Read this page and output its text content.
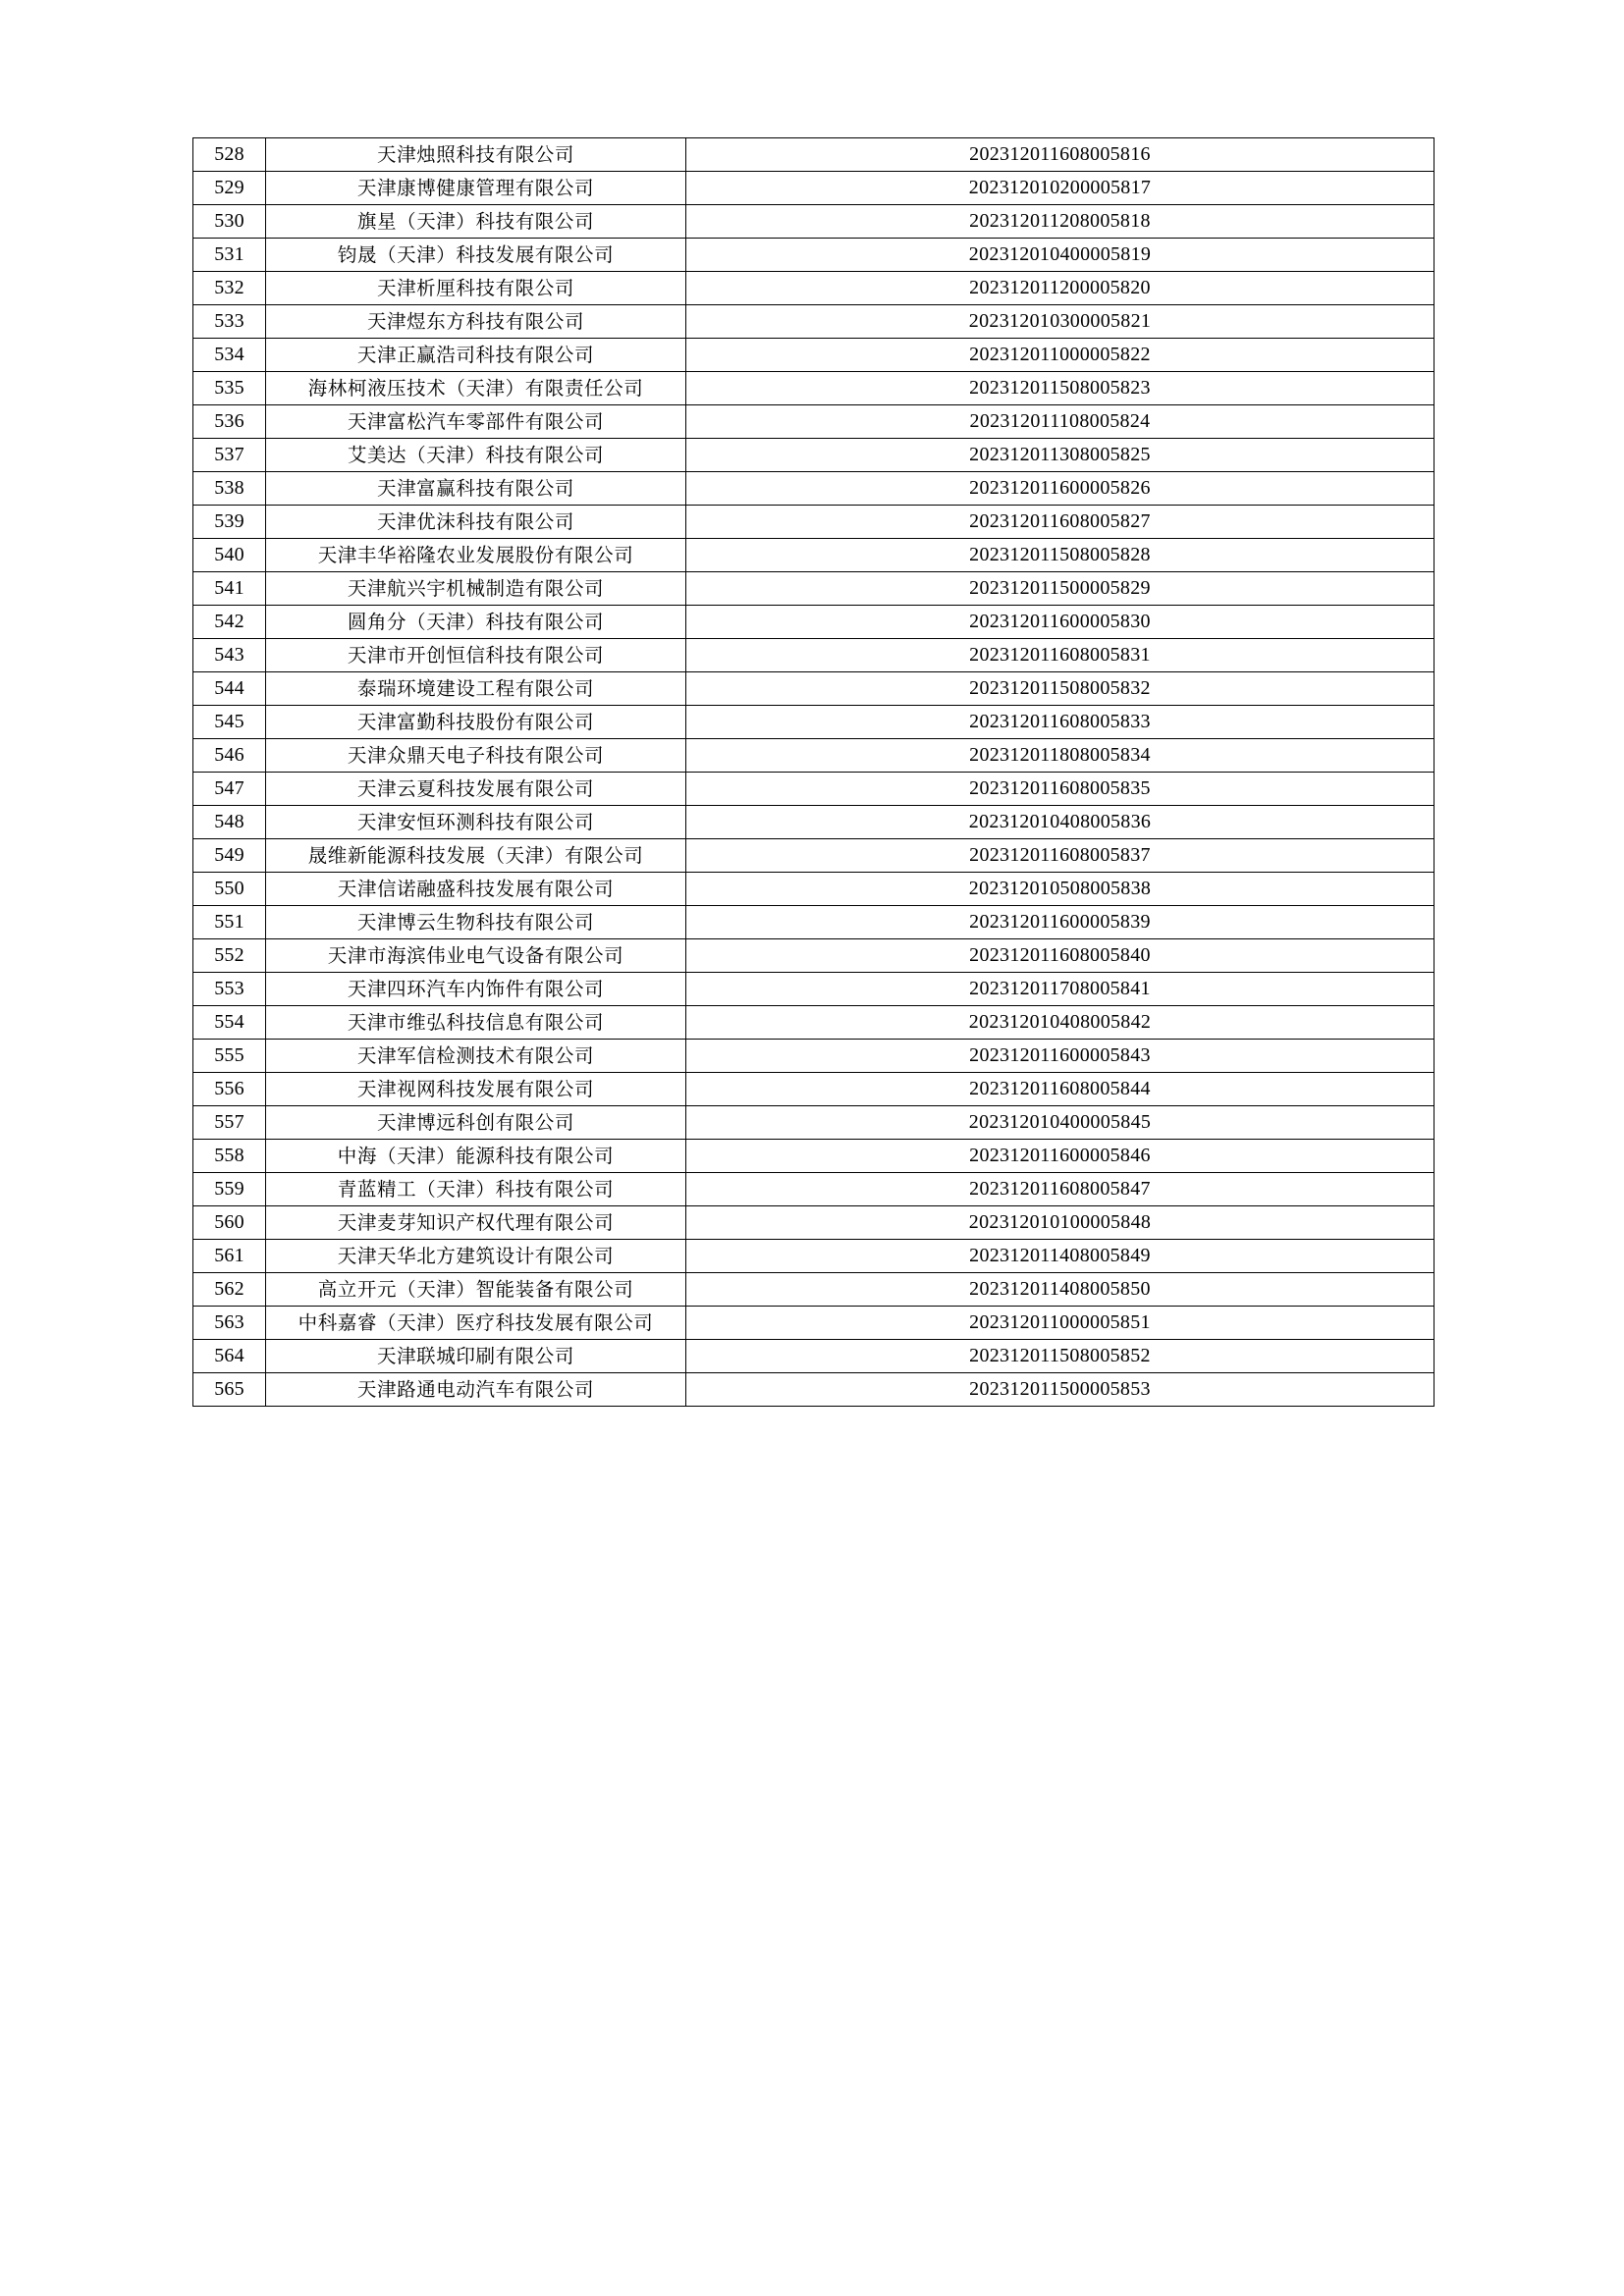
528	天津烛照科技有限公司	202312011608005816
529	天津康博健康管理有限公司	202312010200005817
530	旗星（天津）科技有限公司	202312011208005818
531	钧晟（天津）科技发展有限公司	202312010400005819
532	天津析厘科技有限公司	202312011200005820
533	天津煜东方科技有限公司	202312010300005821
534	天津正赢浩司科技有限公司	202312011000005822
535	海林柯液压技术（天津）有限责任公司	202312011508005823
536	天津富松汽车零部件有限公司	202312011108005824
537	艾美达（天津）科技有限公司	202312011308005825
538	天津富赢科技有限公司	202312011600005826
539	天津优沫科技有限公司	202312011608005827
540	天津丰华裕隆农业发展股份有限公司	202312011508005828
541	天津航兴宇机械制造有限公司	202312011500005829
542	圆角分（天津）科技有限公司	202312011600005830
543	天津市开创恒信科技有限公司	202312011608005831
544	泰瑞环境建设工程有限公司	202312011508005832
545	天津富勤科技股份有限公司	202312011608005833
546	天津众鼎天电子科技有限公司	202312011808005834
547	天津云夏科技发展有限公司	202312011608005835
548	天津安恒环测科技有限公司	202312010408005836
549	晟维新能源科技发展（天津）有限公司	202312011608005837
550	天津信诺融盛科技发展有限公司	202312010508005838
551	天津博云生物科技有限公司	202312011600005839
552	天津市海滨伟业电气设备有限公司	202312011608005840
553	天津四环汽车内饰件有限公司	202312011708005841
554	天津市维弘科技信息有限公司	202312010408005842
555	天津军信检测技术有限公司	202312011600005843
556	天津视网科技发展有限公司	202312011608005844
557	天津博远科创有限公司	202312010400005845
558	中海（天津）能源科技有限公司	202312011600005846
559	青蓝精工（天津）科技有限公司	202312011608005847
560	天津麦芽知识产权代理有限公司	202312010100005848
561	天津天华北方建筑设计有限公司	202312011408005849
562	高立开元（天津）智能装备有限公司	202312011408005850
563	中科嘉睿（天津）医疗科技发展有限公司	202312011000005851
564	天津联城印刷有限公司	202312011508005852
565	天津路通电动汽车有限公司	202312011500005853
